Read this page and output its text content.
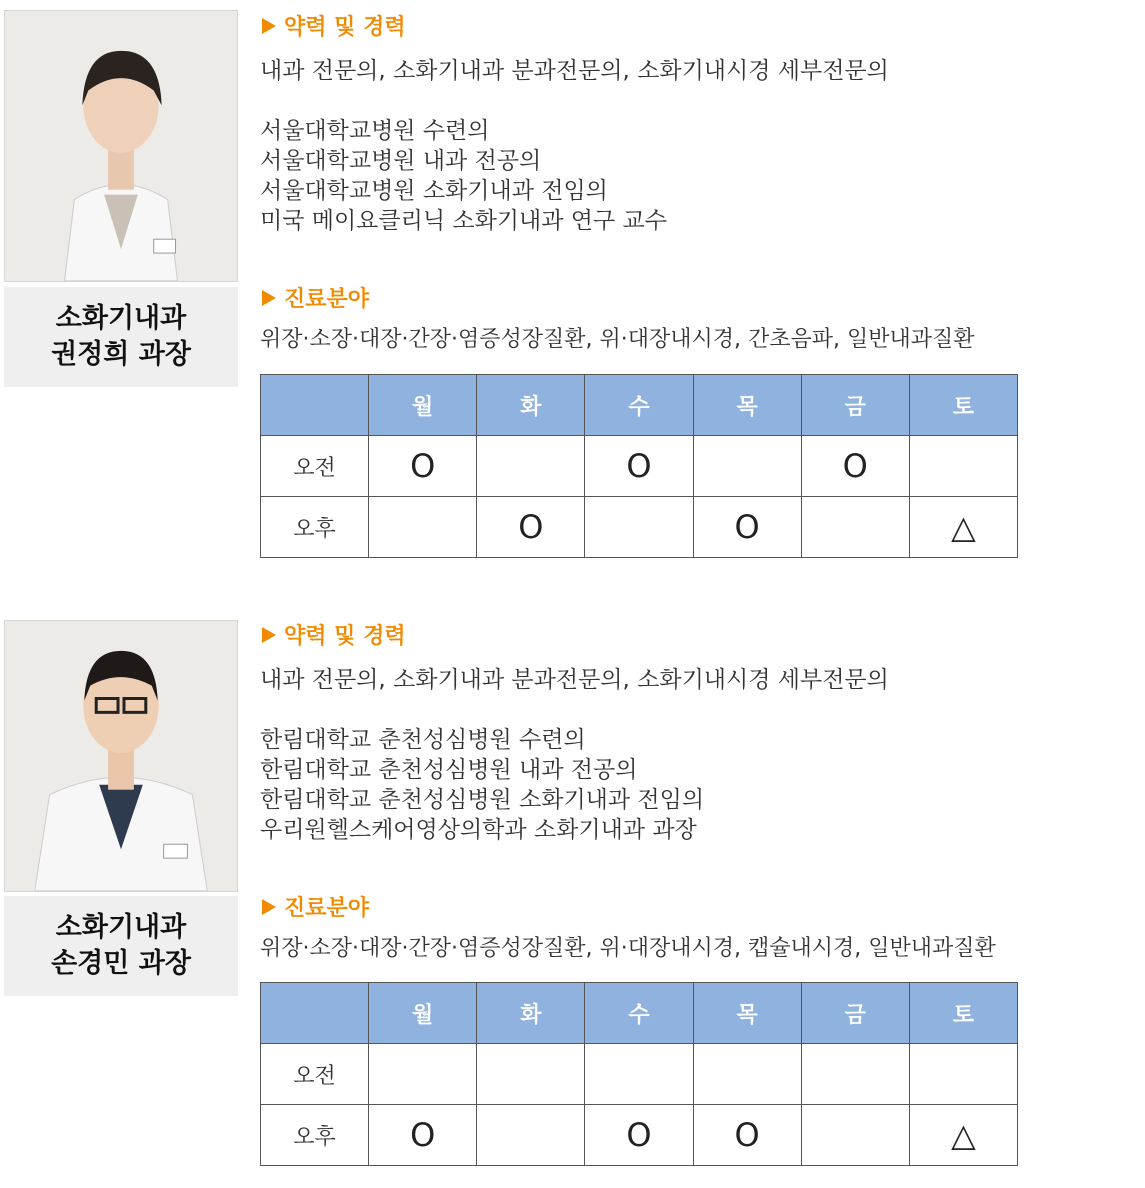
소화기내과
권정희 과장
약력 및 경력
내과 전문의, 소화기내과 분과전문의, 소화기내시경 세부전문의
서울대학교병원 수련의
서울대학교병원 내과 전공의
서울대학교병원 소화기내과 전임의
미국 메이요클리닉 소화기내과 연구 교수
진료분야
위장·소장·대장·간장·염증성장질환, 위·대장내시경, 간초음파, 일반내과질환
	월	화	수	목	금	토
오전	O		O		O	
오후		O		O		△
소화기내과
손경민 과장
약력 및 경력
내과 전문의, 소화기내과 분과전문의, 소화기내시경 세부전문의
한림대학교 춘천성심병원 수련의
한림대학교 춘천성심병원 내과 전공의
한림대학교 춘천성심병원 소화기내과 전임의
우리원헬스케어영상의학과 소화기내과 과장
진료분야
위장·소장·대장·간장·염증성장질환, 위·대장내시경, 캡슐내시경, 일반내과질환
	월	화	수	목	금	토
오전						
오후	O		O	O		△
